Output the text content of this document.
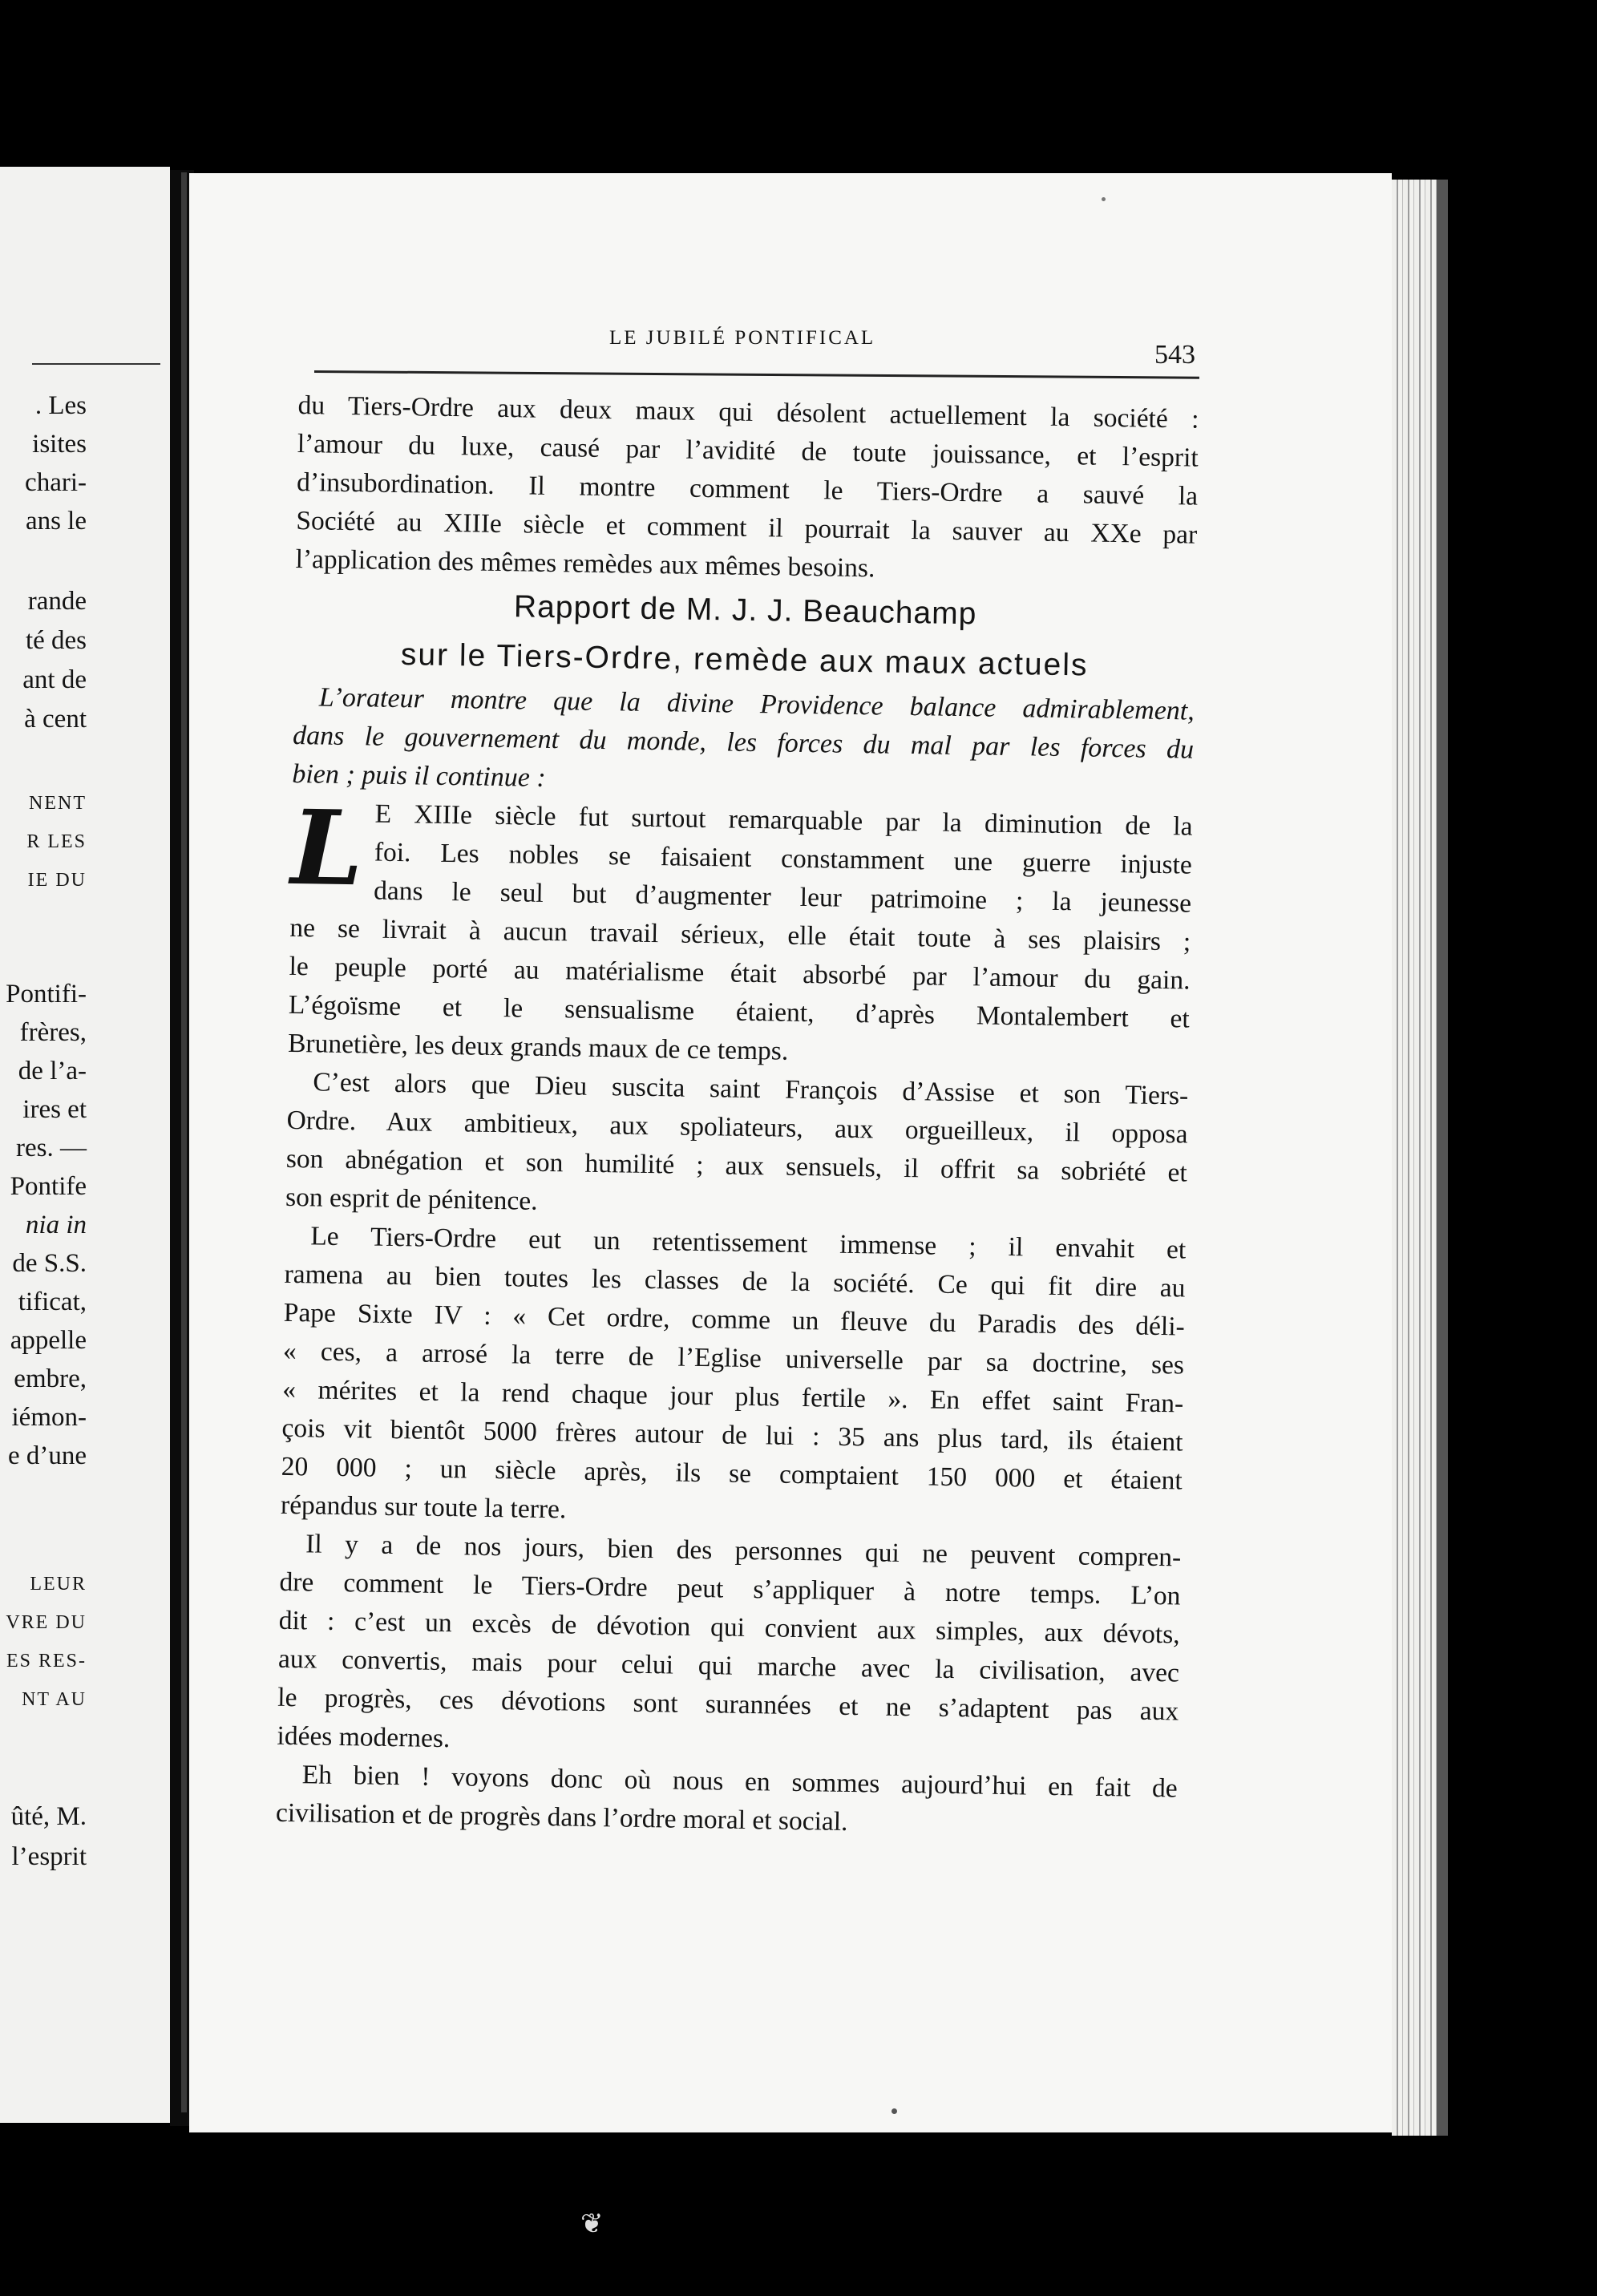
. Les
isites
chari-
ans le
rande
té des
ant de
à cent
NENT
R LES
IE DU
Pontifi-
frères,
de l’a-
ires et
res. —
Pontife
nia in
de S.S.
tificat,
appelle
embre,
iémon-
e d’une
LEUR
VRE DU
ES RES-
NT AU
ûté, M.
l’esprit
LE JUBILÉ PONTIFICAL
543
du Tiers-Ordre aux deux maux qui désolent actuellement la société :
l’amour du luxe, causé par l’avidité de toute jouissance, et l’esprit
d’insubordination. Il montre comment le Tiers-Ordre a sauvé la
Société au XIIIe siècle et comment il pourrait la sauver au XXe par
l’application des mêmes remèdes aux mêmes besoins.
Rapport de M. J. J. Beauchamp
sur le Tiers-Ordre, remède aux maux actuels
L’orateur montre que la divine Providence balance admirablement,
dans le gouvernement du monde, les forces du mal par les forces du
bien ; puis il continue :
L E XIIIe siècle fut surtout remarquable par la diminution de la
foi. Les nobles se faisaient constamment une guerre injuste
dans le seul but d’augmenter leur patrimoine ; la jeunesse
ne se livrait à aucun travail sérieux, elle était toute à ses plaisirs ;
le peuple porté au matérialisme était absorbé par l’amour du gain.
L’égoïsme et le sensualisme étaient, d’après Montalembert et
Brunetière, les deux grands maux de ce temps.
C’est alors que Dieu suscita saint François d’Assise et son Tiers-
Ordre. Aux ambitieux, aux spoliateurs, aux orgueilleux, il opposa
son abnégation et son humilité ; aux sensuels, il offrit sa sobriété et
son esprit de pénitence.
Le Tiers-Ordre eut un retentissement immense ; il envahit et
ramena au bien toutes les classes de la société. Ce qui fit dire au
Pape Sixte IV : « Cet ordre, comme un fleuve du Paradis des déli-
« ces, a arrosé la terre de l’Eglise universelle par sa doctrine, ses
« mérites et la rend chaque jour plus fertile ». En effet saint Fran-
çois vit bientôt 5000 frères autour de lui : 35 ans plus tard, ils étaient
20 000 ; un siècle après, ils se comptaient 150 000 et étaient
répandus sur toute la terre.
Il y a de nos jours, bien des personnes qui ne peuvent compren-
dre comment le Tiers-Ordre peut s’appliquer à notre temps. L’on
dit : c’est un excès de dévotion qui convient aux simples, aux dévots,
aux convertis, mais pour celui qui marche avec la civilisation, avec
le progrès, ces dévotions sont surannées et ne s’adaptent pas aux
idées modernes.
Eh bien ! voyons donc où nous en sommes aujourd’hui en fait de
civilisation et de progrès dans l’ordre moral et social.
❦
